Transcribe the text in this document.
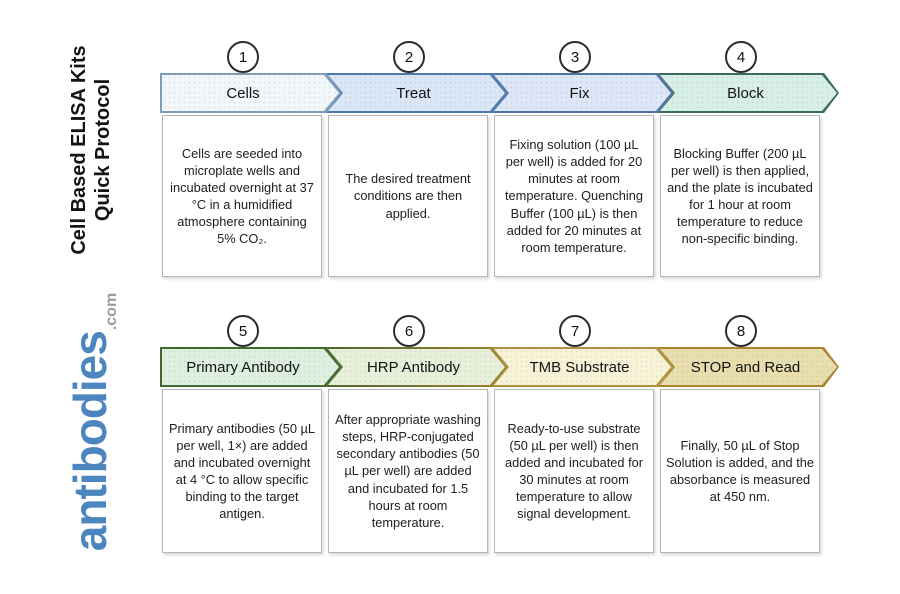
Cell Based ELISA Kits Quick Protocol
antibodies
.com
1	2	3	4
Cells	Treat	Fix	Block

Cells are seeded into microplate wells and incubated overnight at 37 °C in a humidified atmosphere containing 5% CO₂.

The desired treatment conditions are then applied.

Fixing solution (100 µL per well) is added for 20 minutes at room temperature. Quenching Buffer (100 µL) is then added for 20 minutes at room temperature.

Blocking Buffer (200 µL per well) is then applied, and the plate is incubated for 1 hour at room temperature to reduce non-specific binding.

5	6	7	8
Primary Antibody	HRP Antibody	TMB Substrate	STOP and Read

Primary antibodies (50 µL per well, 1×) are added and incubated overnight at 4 °C to allow specific binding to the target antigen.

After appropriate washing steps, HRP-conjugated secondary antibodies (50 µL per well) are added and incubated for 1.5 hours at room temperature.

Ready-to-use substrate (50 µL per well) is then added and incubated for 30 minutes at room temperature to allow signal development.

Finally, 50 µL of Stop Solution is added, and the absorbance is measured at 450 nm.
